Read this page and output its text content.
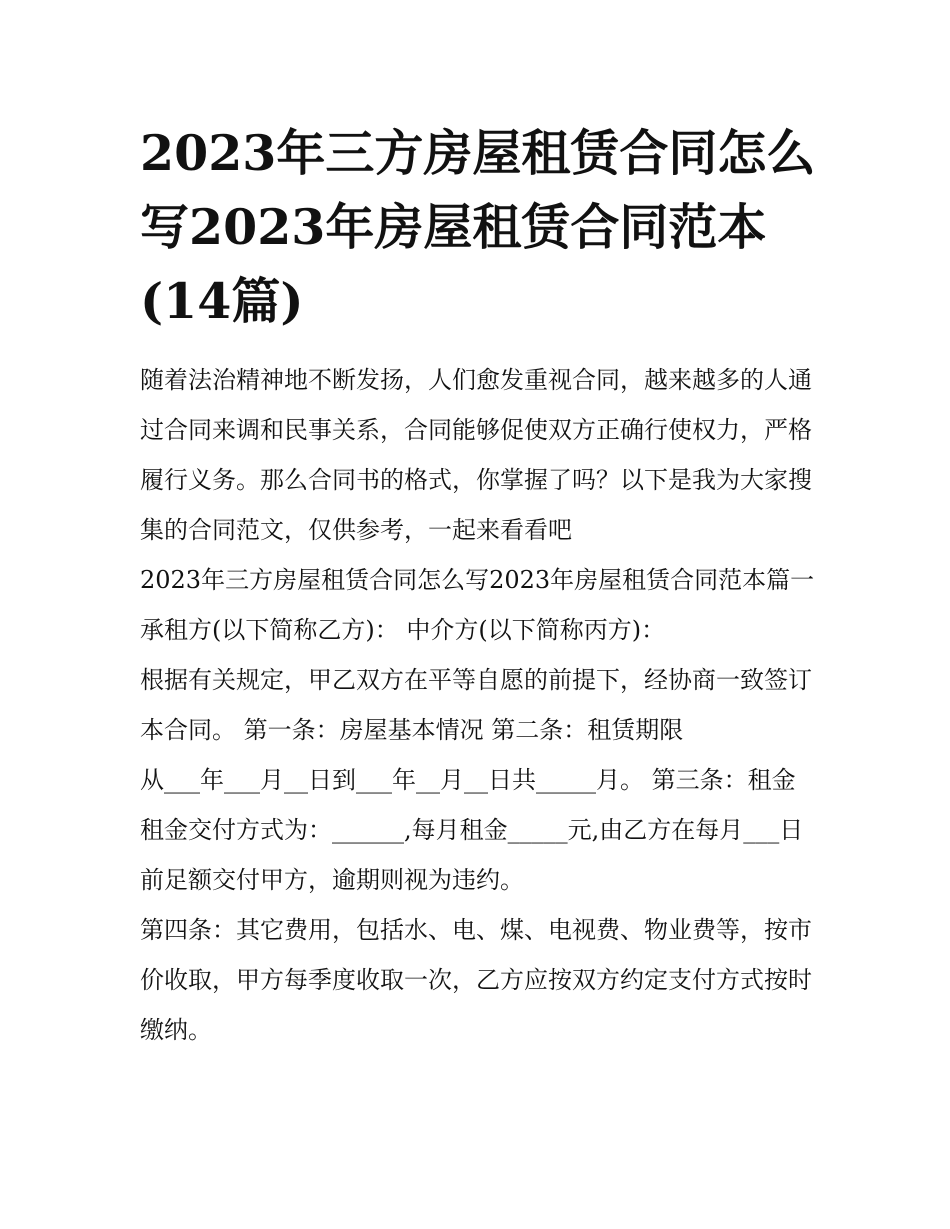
2023年三方房屋租赁合同怎么写2023年房屋租赁合同范本(14篇)

随着法治精神地不断发扬，人们愈发重视合同，越来越多的人通过合同来调和民事关系，合同能够促使双方正确行使权力，严格履行义务。那么合同书的格式，你掌握了吗？以下是我为大家搜集的合同范文，仅供参考，一起来看看吧

2023年三方房屋租赁合同怎么写2023年房屋租赁合同范本篇一 承租方(以下简称乙方)： 中介方(以下简称丙方)：

根据有关规定，甲乙双方在平等自愿的前提下，经协商一致签订本合同。 第一条：房屋基本情况 第二条：租赁期限

从___年___月__日到___年__月__日共_____月。 第三条：租金

租金交付方式为：______,每月租金_____元,由乙方在每月___日前足额交付甲方，逾期则视为违约。

第四条：其它费用，包括水、电、煤、电视费、物业费等，按市价收取，甲方每季度收取一次，乙方应按双方约定支付方式按时缴纳。
